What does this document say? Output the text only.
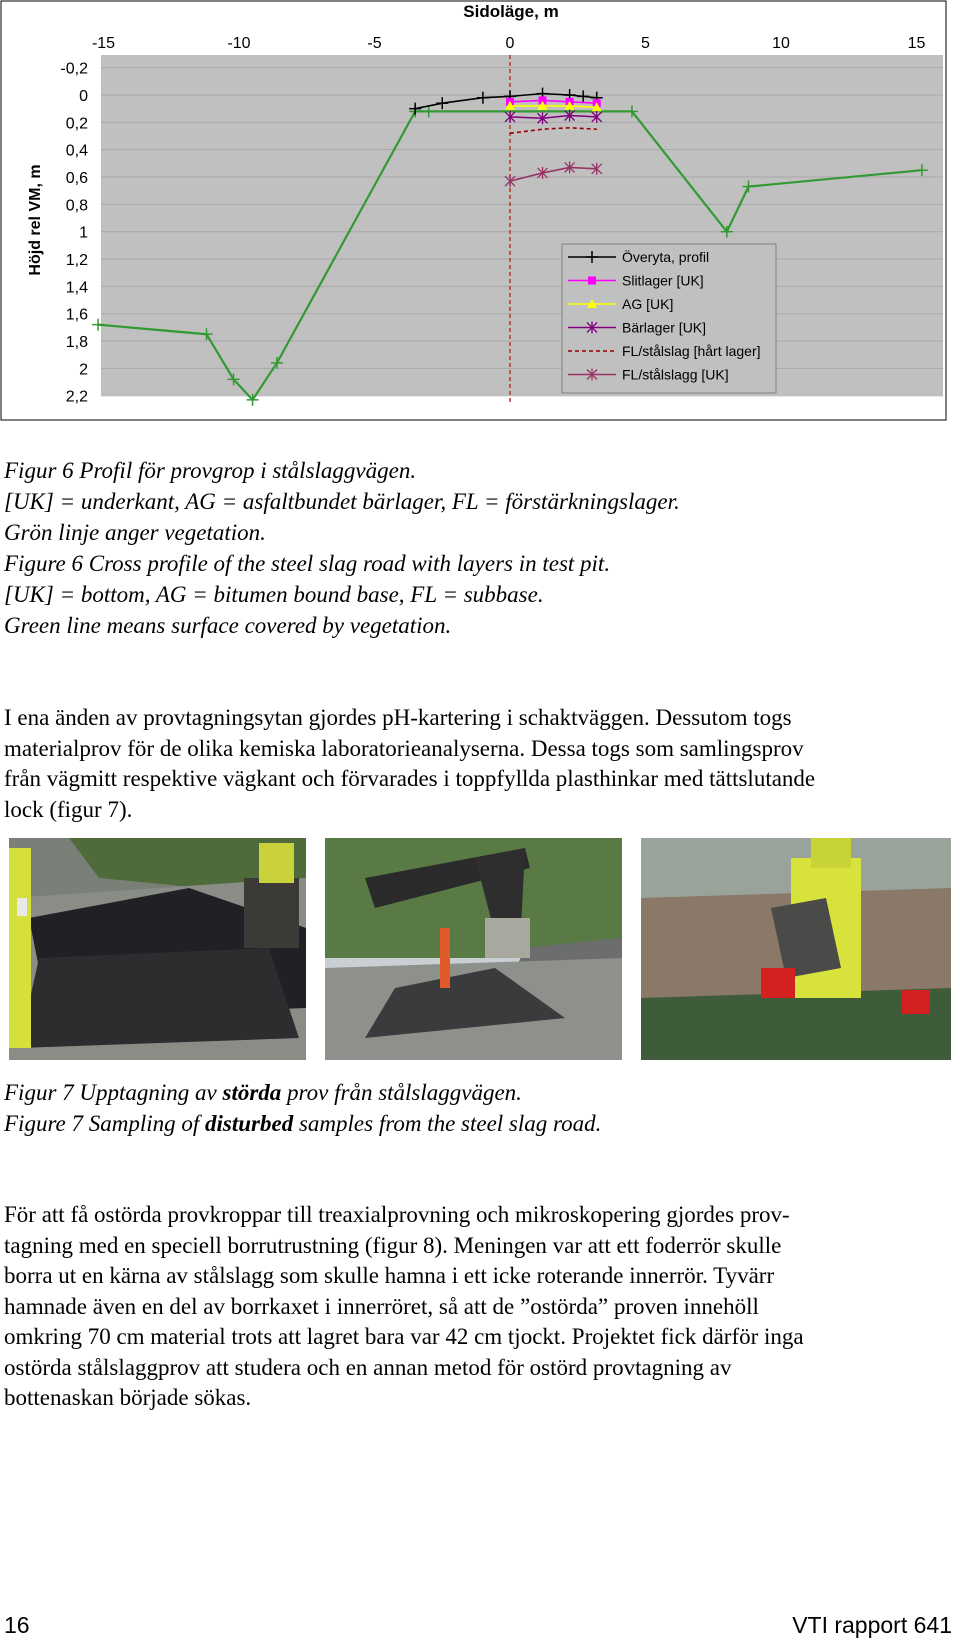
-15	-10	-5	0	5	10	15
-0,2
0
0,2
0,4
0,6
0,8
1
1,2
1,4
1,6
1,8
2
2,2
Sidoläge, m
Höjd rel VM, m	Överyta, profil
Slitlager [UK]
AG [UK]
Bärlager [UK]
FL/stålslag [hårt lager]
FL/stålslagg [UK]
Figur 6 Profil för provgrop i stålslaggvägen.
[UK] = underkant, AG = asfaltbundet bärlager, FL = förstärkningslager.
Grön linje anger vegetation.
Figure 6 Cross profile of the steel slag road with layers in test pit.
[UK] = bottom, AG = bitumen bound base, FL = subbase.
Green line means surface covered by vegetation.
I ena änden av provtagningsytan gjordes pH-kartering i schaktväggen. Dessutom togs
materialprov för de olika kemiska laboratorieanalyserna. Dessa togs som samlingsprov
från vägmitt respektive vägkant och förvarades i toppfyllda plasthinkar med tättslutande
lock (figur 7).
Figur 7 Upptagning av störda prov från stålslaggvägen.
Figure 7 Sampling of disturbed samples from the steel slag road.
För att få ostörda provkroppar till treaxialprovning och mikroskopering gjordes prov-
tagning med en speciell borrutrustning (figur 8). Meningen var att ett foderrör skulle
borra ut en kärna av stålslagg som skulle hamna i ett icke roterande innerrör. Tyvärr
hamnade även en del av borrkaxet i innerröret, så att de ”ostörda” proven innehöll
omkring 70 cm material trots att lagret bara var 42 cm tjockt. Projektet fick därför inga
ostörda stålslaggprov att studera och en annan metod för ostörd provtagning av
bottenaskan började sökas.
16	VTI rapport 641
